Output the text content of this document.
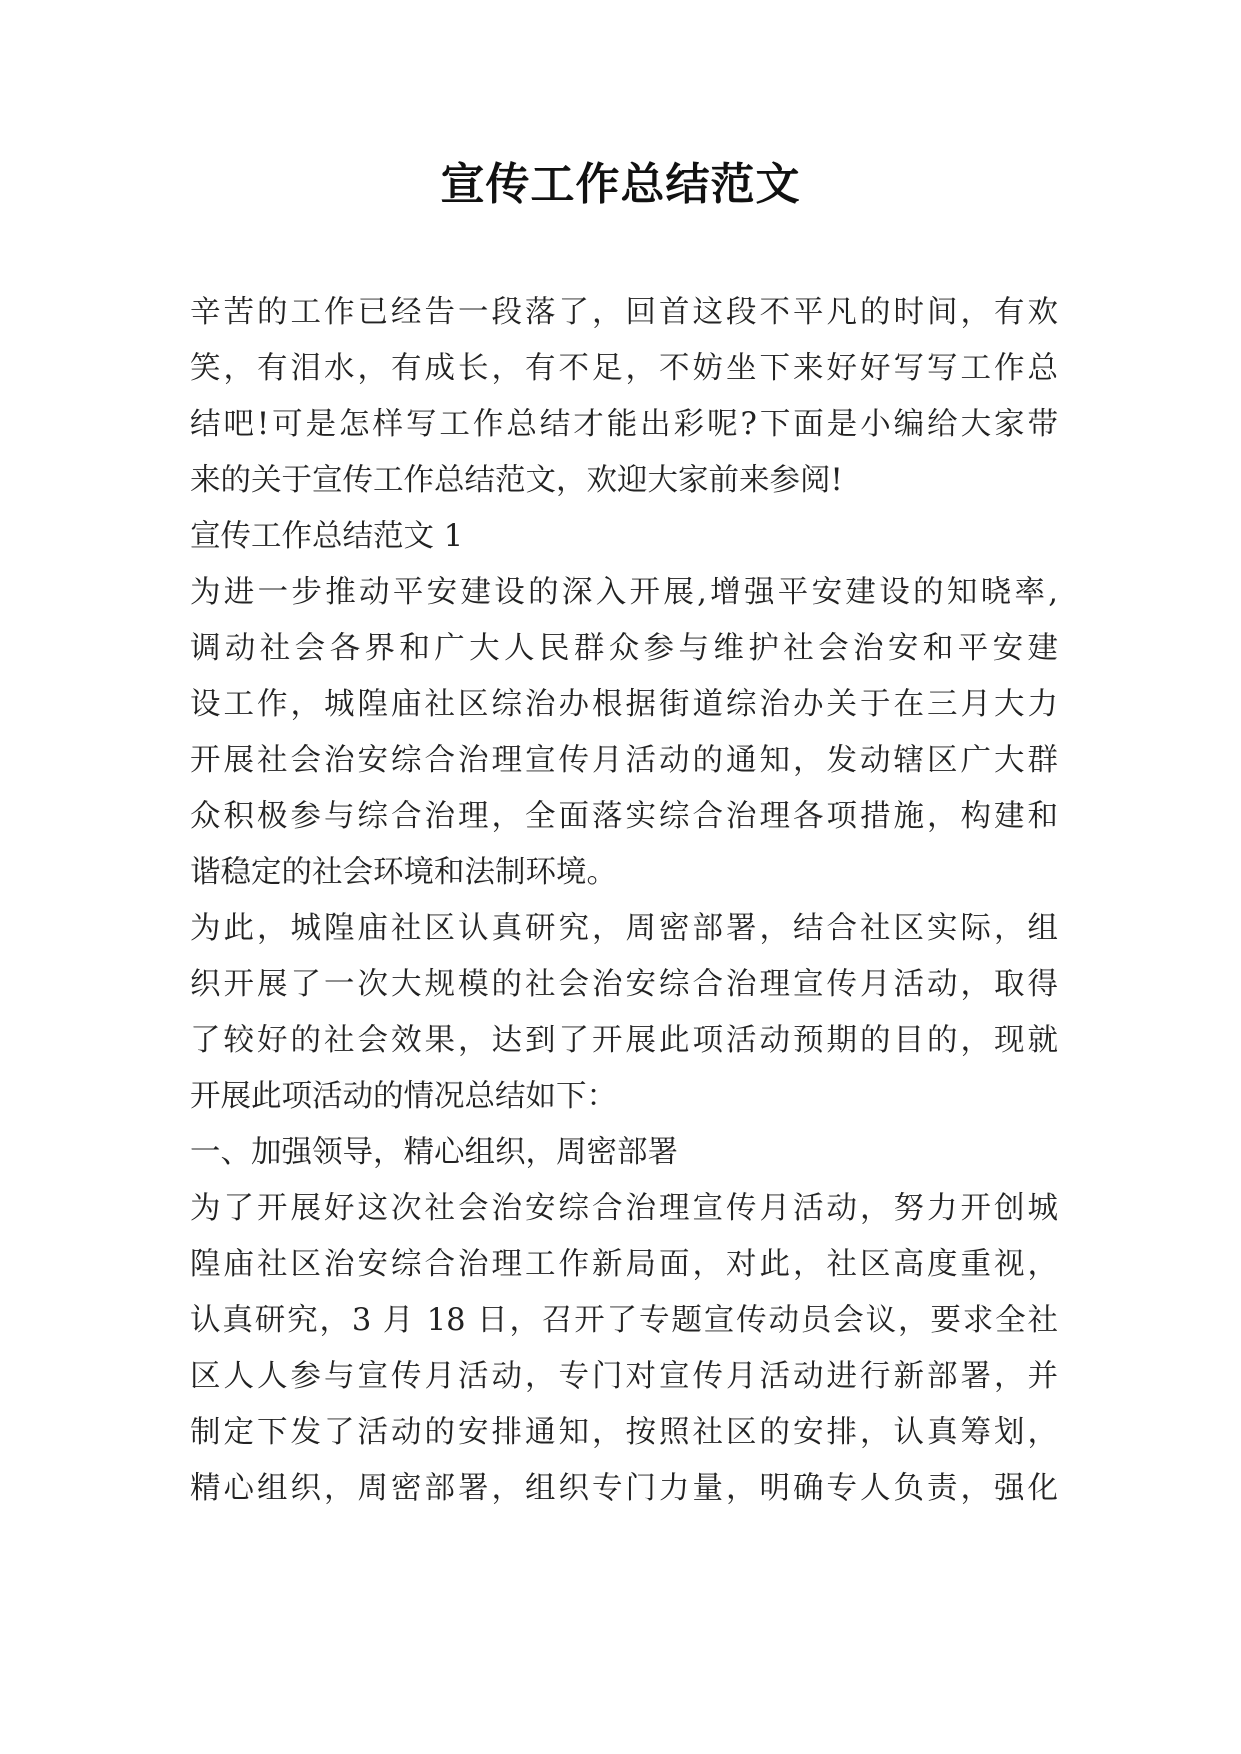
宣传工作总结范文
辛苦的工作已经告一段落了，回首这段不平凡的时间，有欢
笑，有泪水，有成长，有不足，不妨坐下来好好写写工作总
结吧!可是怎样写工作总结才能出彩呢?下面是小编给大家带
来的关于宣传工作总结范文，欢迎大家前来参阅!
宣传工作总结范文 1
为进一步推动平安建设的深入开展,增强平安建设的知晓率,
调动社会各界和广大人民群众参与维护社会治安和平安建
设工作，城隍庙社区综治办根据街道综治办关于在三月大力
开展社会治安综合治理宣传月活动的通知，发动辖区广大群
众积极参与综合治理，全面落实综合治理各项措施，构建和
谐稳定的社会环境和法制环境。
为此，城隍庙社区认真研究，周密部署，结合社区实际，组
织开展了一次大规模的社会治安综合治理宣传月活动，取得
了较好的社会效果，达到了开展此项活动预期的目的，现就
开展此项活动的情况总结如下：
一、加强领导，精心组织，周密部署
为了开展好这次社会治安综合治理宣传月活动，努力开创城
隍庙社区治安综合治理工作新局面，对此，社区高度重视，
认真研究，3 月 18 日，召开了专题宣传动员会议，要求全社
区人人参与宣传月活动，专门对宣传月活动进行新部署，并
制定下发了活动的安排通知，按照社区的安排，认真筹划，
精心组织，周密部署，组织专门力量，明确专人负责，强化
